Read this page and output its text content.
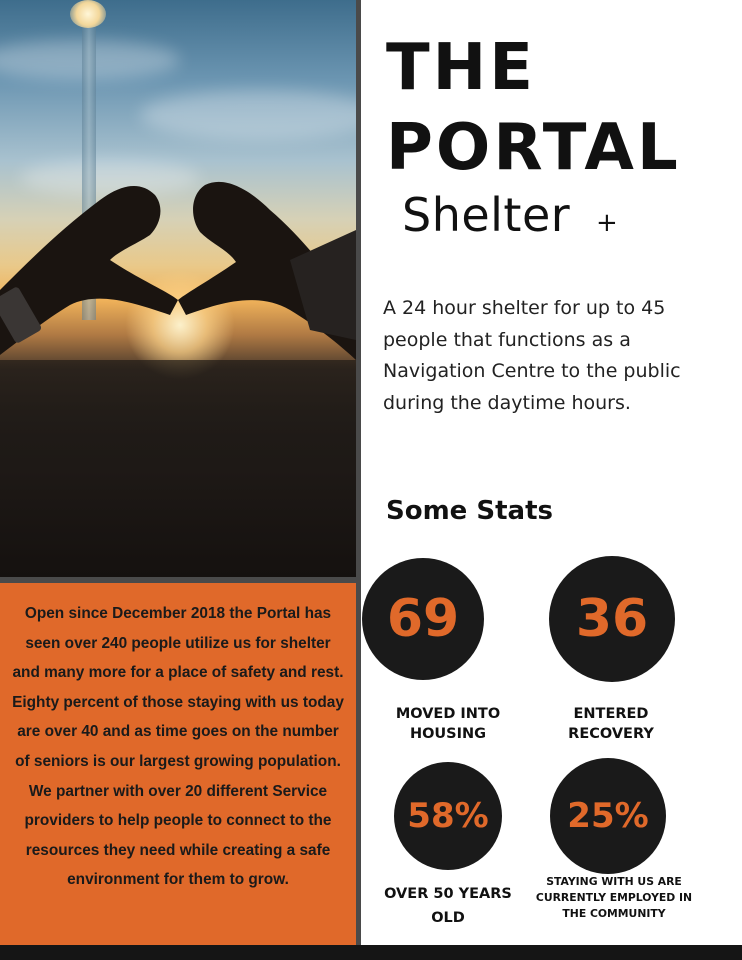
Open since December 2018 the Portal has seen over 240 people utilize us for shelter and many more for a place of safety and rest. Eighty percent of those staying with us today are over 40 and as time goes on the number of seniors is our largest growing population. We partner with over 20 different Service providers to help people to connect to the resources they need while creating a safe environment for them to grow.

THE
PORTAL
Shelter +

A 24 hour shelter for up to 45 people that functions as a Navigation Centre to the public during the daytime hours.

Some Stats
69 36
58% 25%

MOVED INTO HOUSING

ENTERED RECOVERY

OVER 50 YEARS OLD

STAYING WITH US ARE CURRENTLY EMPLOYED IN THE COMMUNITY
